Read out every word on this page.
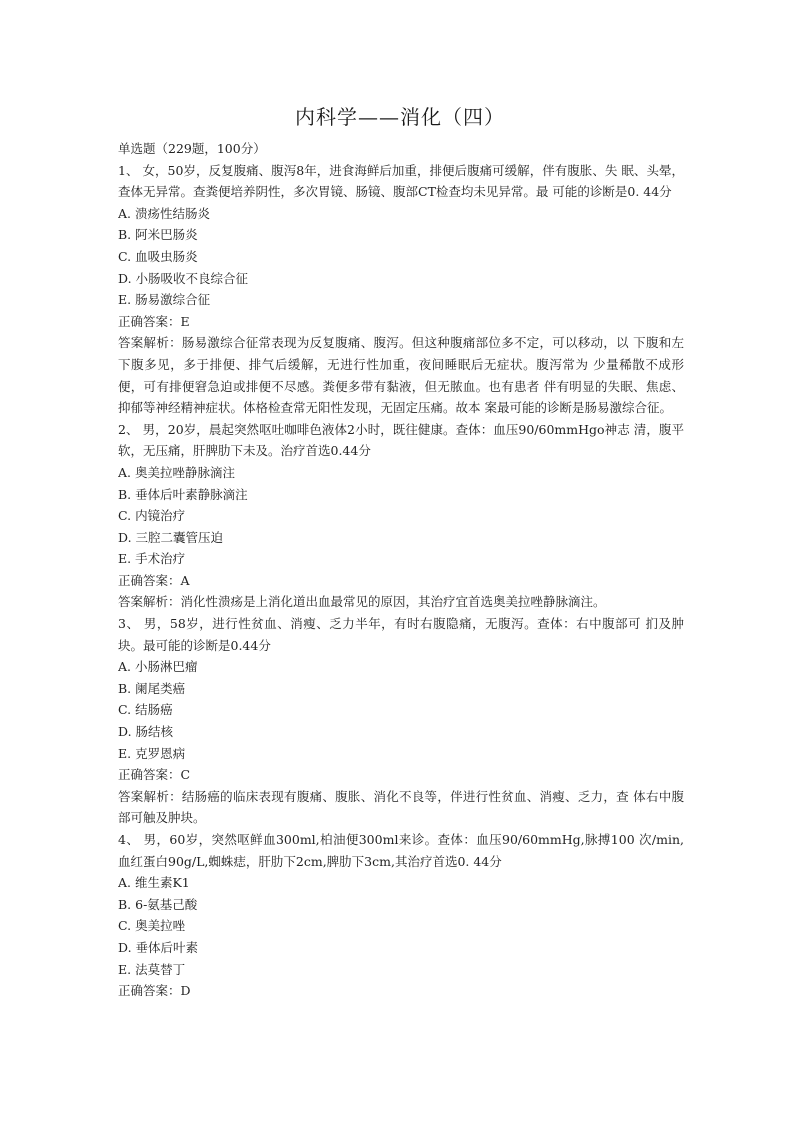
内科学——消化（四）
单选题（229题，100分）
1、 女，50岁，反复腹痛、腹泻8年，进食海鲜后加重，排便后腹痛可缓解，伴有腹胀、失 眠、头晕，查体无异常。查粪便培养阴性，多次胃镜、肠镜、腹部CT检查均未见异常。最 可能的诊断是0. 44分
A. 溃疡性结肠炎
B. 阿米巴肠炎
C. 血吸虫肠炎
D. 小肠吸收不良综合征
E. 肠易激综合征
正确答案：E
答案解析：肠易激综合征常表现为反复腹痛、腹泻。但这种腹痛部位多不定，可以移动，以 下腹和左下腹多见，多于排便、排气后缓解，无进行性加重，夜间睡眠后无症状。腹泻常为 少量稀散不成形便，可有排便窘急迫或排便不尽感。粪便多带有黏液，但无脓血。也有患者 伴有明显的失眠、焦虑、抑郁等神经精神症状。体格检查常无阳性发现，无固定压痛。故本 案最可能的诊断是肠易激综合征。
2、 男，20岁，晨起突然呕吐咖啡色液体2小时，既往健康。查体：血压90/60mmHgo神志 清，腹平软，无压痛，肝脾肋下未及。治疗首选0.44分
A. 奥美拉唑静脉滴注
B. 垂体后叶素静脉滴注
C. 内镜治疗
D. 三腔二囊管压迫
E. 手术治疗
正确答案：A
答案解析：消化性溃疡是上消化道出血最常见的原因，其治疗宜首选奥美拉唑静脉滴注。
3、 男，58岁，进行性贫血、消瘦、乏力半年，有时右腹隐痛，无腹泻。查体：右中腹部可 扪及肿块。最可能的诊断是0.44分
A. 小肠淋巴瘤
B. 阑尾类癌
C. 结肠癌
D. 肠结核
E. 克罗恩病
正确答案：C
答案解析：结肠癌的临床表现有腹痛、腹胀、消化不良等，伴进行性贫血、消瘦、乏力，查 体右中腹部可触及肿块。
4、 男，60岁，突然呕鲜血300ml,柏油便300ml来诊。查体：血压90/60mmHg,脉搏100 次/min,血红蛋白90g/L,蜘蛛痣，肝肋下2cm,脾肋下3cm,其治疗首选0. 44分
A. 维生素K1
B. 6-氨基己酸
C. 奥美拉唑
D. 垂体后叶素
E. 法莫替丁
正确答案：D
